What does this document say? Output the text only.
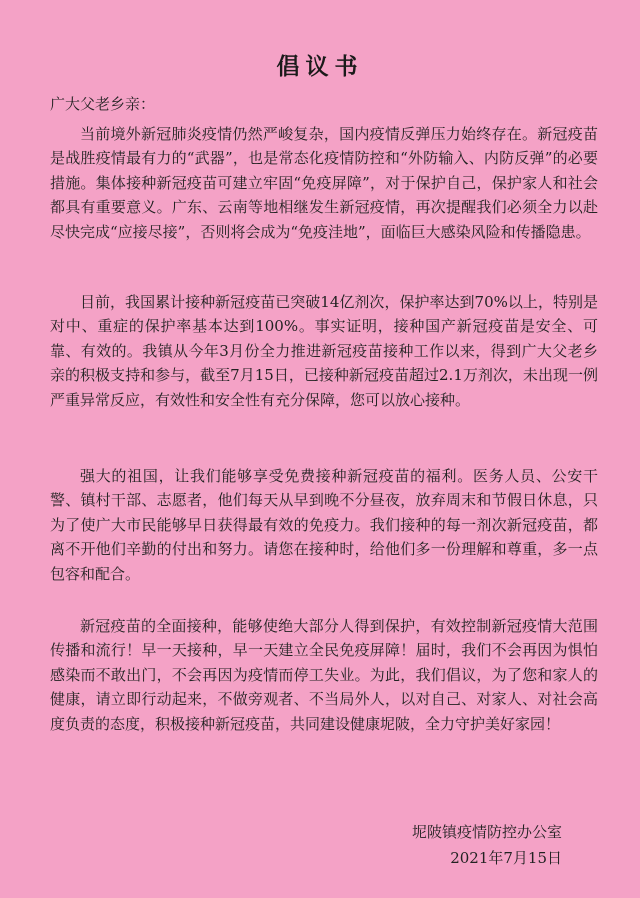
倡议书
广大父老乡亲：

当前境外新冠肺炎疫情仍然严峻复杂，国内疫情反弹压力始终存在。新冠疫苗是战胜疫情最有力的“武器”，也是常态化疫情防控和“外防输入、内防反弹”的必要措施。集体接种新冠疫苗可建立牢固“免疫屏障”，对于保护自己，保护家人和社会都具有重要意义。广东、云南等地相继发生新冠疫情，再次提醒我们必须全力以赴尽快完成“应接尽接”，否则将会成为“免疫洼地”，面临巨大感染风险和传播隐患。

目前，我国累计接种新冠疫苗已突破14亿剂次，保护率达到70%以上，特别是对中、重症的保护率基本达到100%。事实证明，接种国产新冠疫苗是安全、可靠、有效的。我镇从今年3月份全力推进新冠疫苗接种工作以来，得到广大父老乡亲的积极支持和参与，截至7月15日，已接种新冠疫苗超过2.1万剂次，未出现一例严重异常反应，有效性和安全性有充分保障，您可以放心接种。

强大的祖国，让我们能够享受免费接种新冠疫苗的福利。医务人员、公安干警、镇村干部、志愿者，他们每天从早到晚不分昼夜，放弃周末和节假日休息，只为了使广大市民能够早日获得最有效的免疫力。我们接种的每一剂次新冠疫苗，都离不开他们辛勤的付出和努力。请您在接种时，给他们多一份理解和尊重，多一点包容和配合。

新冠疫苗的全面接种，能够使绝大部分人得到保护，有效控制新冠疫情大范围传播和流行！早一天接种，早一天建立全民免疫屏障！届时，我们不会再因为惧怕感染而不敢出门，不会再因为疫情而停工失业。为此，我们倡议，为了您和家人的健康，请立即行动起来，不做旁观者、不当局外人，以对自己、对家人、对社会高度负责的态度，积极接种新冠疫苗，共同建设健康坭陂，全力守护美好家园！

坭陂镇疫情防控办公室
2021年7月15日
